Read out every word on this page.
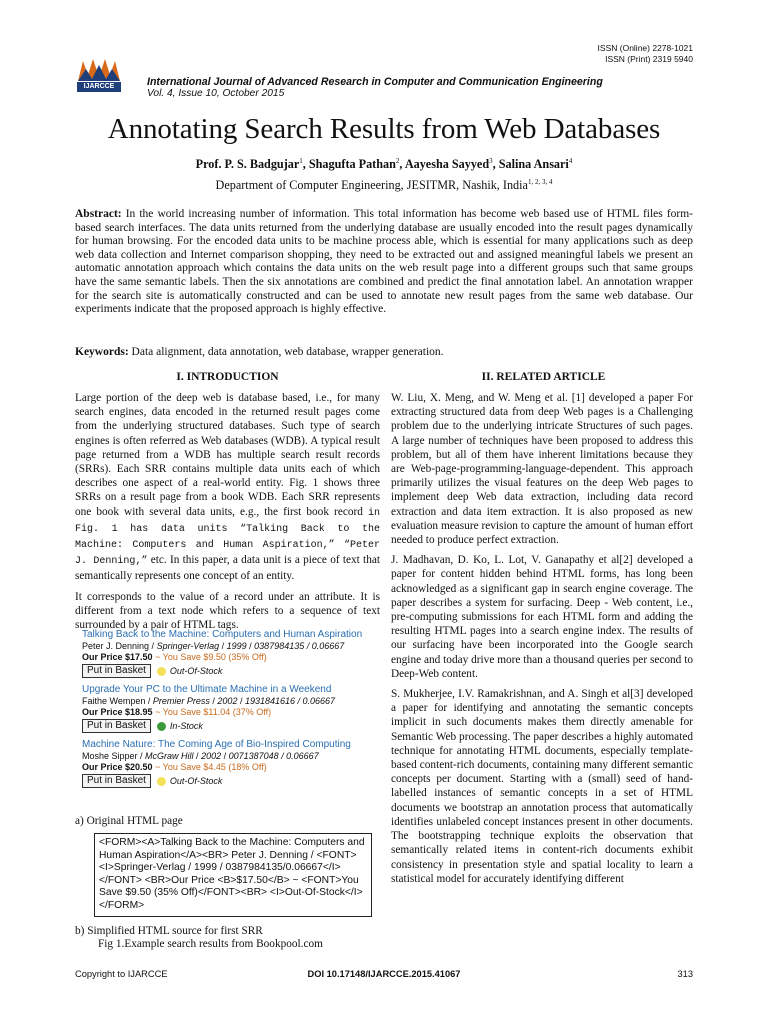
ISSN (Online) 2278-1021
ISSN (Print) 2319 5940
IJARCCE	International Journal of Advanced Research in Computer and Communication Engineering
Vol. 4, Issue 10, October 2015
Annotating Search Results from Web Databases
Prof. P. S. Badgujar$^1$, Shagufta Pathan$^2$, Aayesha Sayyed$^3$, Salina Ansari$^4$
Department of Computer Engineering, JESITMR, Nashik, India$^{1, 2, 3, 4}$
Abstract: In the world increasing number of information. This total information has become web based use of HTML files form-based search interfaces. The data units returned from the underlying database are usually encoded into the result pages dynamically for human browsing. For the encoded data units to be machine process able, which is essential for many applications such as deep web data collection and Internet comparison shopping, they need to be extracted out and assigned meaningful labels we present an automatic annotation approach which contains the data units on the web result page into a different groups such that same groups have the same semantic labels. Then the six annotations are combined and predict the final annotation label. An annotation wrapper for the search site is automatically constructed and can be used to annotate new result pages from the same web database. Our experiments indicate that the proposed approach is highly effective.
Keywords: Data alignment, data annotation, web database, wrapper generation.
I. INTRODUCTION	II. RELATED ARTICLE

Large portion of the deep web is database based, i.e., for many search engines, data encoded in the returned result pages come from the underlying structured databases. Such type of search engines is often referred as Web databases (WDB). A typical result page returned from a WDB has multiple search result records (SRRs). Each SRR contains multiple data units each of which describes one aspect of a real-world entity. Fig. 1 shows three SRRs on a result page from a book WDB. Each SRR represents one book with several data units, e.g., the first book record in Fig. 1 has data units “Talking Back to the Machine: Computers and Human Aspiration,” “Peter J. Denning,” etc. In this paper, a data unit is a piece of text that semantically represents one concept of an entity.

It corresponds to the value of a record under an attribute. It is different from a text node which refers to a sequence of text surrounded by a pair of HTML tags.

Talking Back to the Machine: Computers and Human Aspiration
Peter J. Denning / Springer-Verlag / 1999 / 0387984135 / 0.06667
Our Price $17.50 ~ You Save $9.50 (35% Off)
Put in Basket	Out-Of-Stock
Upgrade Your PC to the Ultimate Machine in a Weekend
Faithe Wempen / Premier Press / 2002 / 1931841616 / 0.06667
Our Price $18.95 ~ You Save $11.04 (37% Off)
Put in Basket	In-Stock
Machine Nature: The Coming Age of Bio-Inspired Computing
Moshe Sipper / McGraw Hill / 2002 / 0071387048 / 0.06667
Our Price $20.50 ~ You Save $4.45 (18% Off)
Put in Basket	Out-Of-Stock
a) Original HTML page
<FORM><A>Talking Back to the Machine: Computers and Human Aspiration</A><BR> Peter J. Denning / <FONT> <I>Springer-Verlag / 1999 / 0387984135/0.06667</I> </FONT> <BR>Our Price <B>$17.50</B> ~ <FONT>You Save $9.50 (35% Off)</FONT><BR> <I>Out-Of-Stock</I></FORM>
b) Simplified HTML source for first SRR
Fig 1.Example search results from Bookpool.com

W. Liu, X. Meng, and W. Meng et al. [1] developed a paper For extracting structured data from deep Web pages is a Challenging problem due to the underlying intricate Structures of such pages. A large number of techniques have been proposed to address this problem, but all of them have inherent limitations because they are Web-page-programming-language-dependent. This approach primarily utilizes the visual features on the deep Web pages to implement deep Web data extraction, including data record extraction and data item extraction. It is also proposed as new evaluation measure revision to capture the amount of human effort needed to produce perfect extraction.

J. Madhavan, D. Ko, L. Lot, V. Ganapathy et al[2] developed a paper for content hidden behind HTML forms, has long been acknowledged as a significant gap in search engine coverage. The paper describes a system for surfacing. Deep - Web content, i.e., pre-computing submissions for each HTML form and adding the resulting HTML pages into a search engine index. The results of our surfacing have been incorporated into the Google search engine and today drive more than a thousand queries per second to Deep-Web content.

S. Mukherjee, I.V. Ramakrishnan, and A. Singh et al[3] developed a paper for identifying and annotating the semantic concepts implicit in such documents makes them directly amenable for Semantic Web processing. The paper describes a highly automated technique for annotating HTML documents, especially template-based content-rich documents, containing many different semantic concepts per document. Starting with a (small) seed of hand-labelled instances of semantic concepts in a set of HTML documents we bootstrap an annotation process that automatically identifies unlabeled concept instances present in other documents. The bootstrapping technique exploits the observation that semantically related items in content-rich documents exhibit consistency in presentation style and spatial locality to learn a statistical model for accurately identifying different

Copyright to IJARCCE	DOI 10.17148/IJARCCE.2015.41067	313
